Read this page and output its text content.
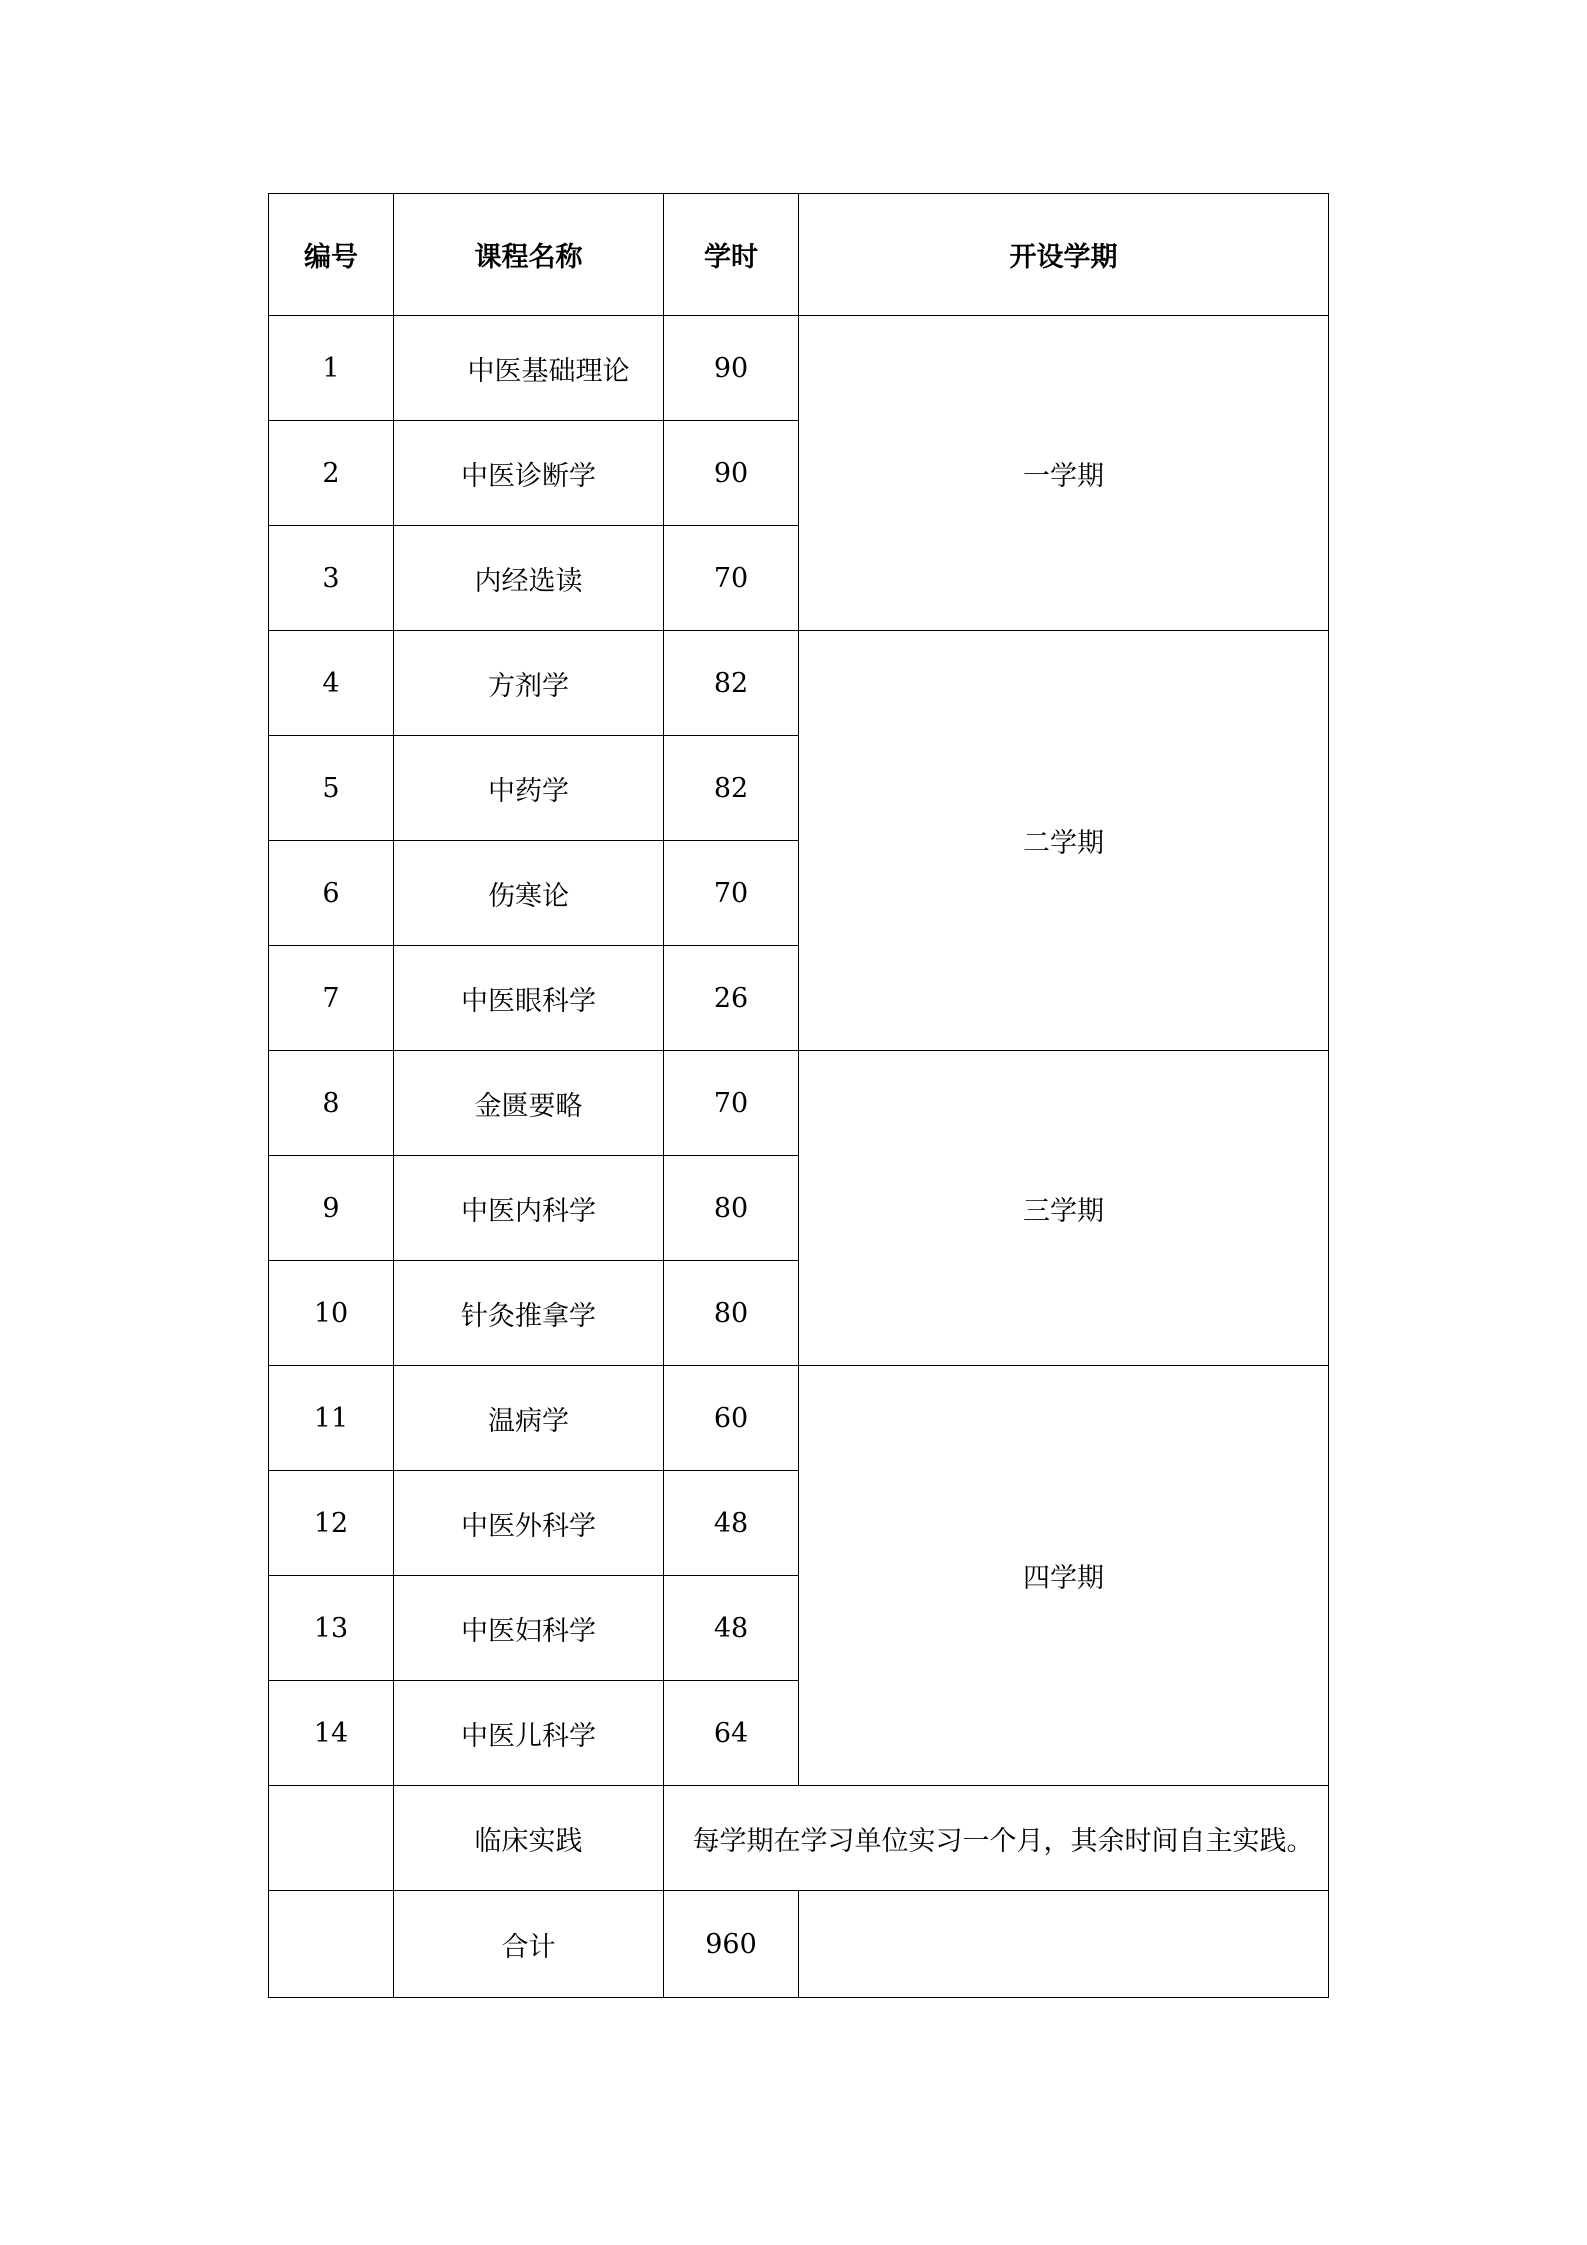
编号	课程名称	学时	开设学期
1	中医基础理论	90	一学期
2	中医诊断学	90	
3	内经选读	70	
4	方剂学	82	二学期
5	中药学	82	
6	伤寒论	70	
7	中医眼科学	26	
8	金匮要略	70	三学期
9	中医内科学	80	
10	针灸推拿学	80	
11	温病学	60	四学期
12	中医外科学	48	
13	中医妇科学	48	
14	中医儿科学	64	
	临床实践	每学期在学习单位实习一个月，其余时间自主实践。	
	合计	960	
